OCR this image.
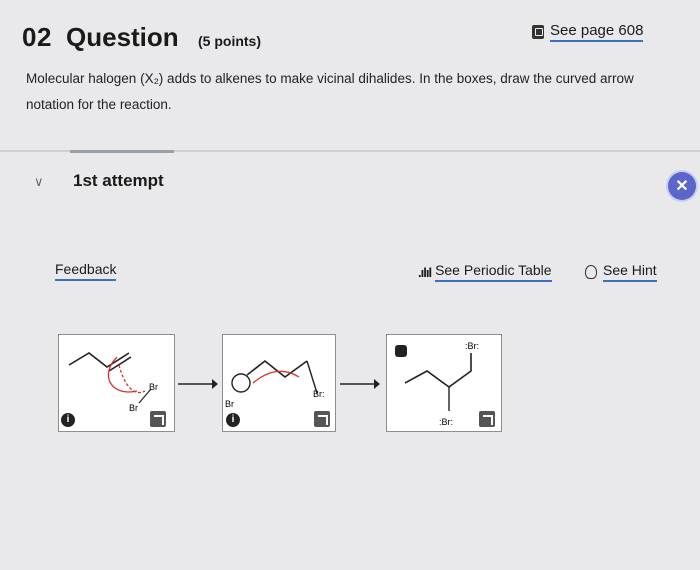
02 Question (5 points)
See page 608
Molecular halogen (X₂) adds to alkenes to make vicinal dihalides. In the boxes, draw the curved arrow notation for the reaction.
∨ 1st attempt	✕
Feedback	.ılıl See Periodic Table	See Hint
Br
Br
i
Br
Br:
i
:Br:
:Br:
